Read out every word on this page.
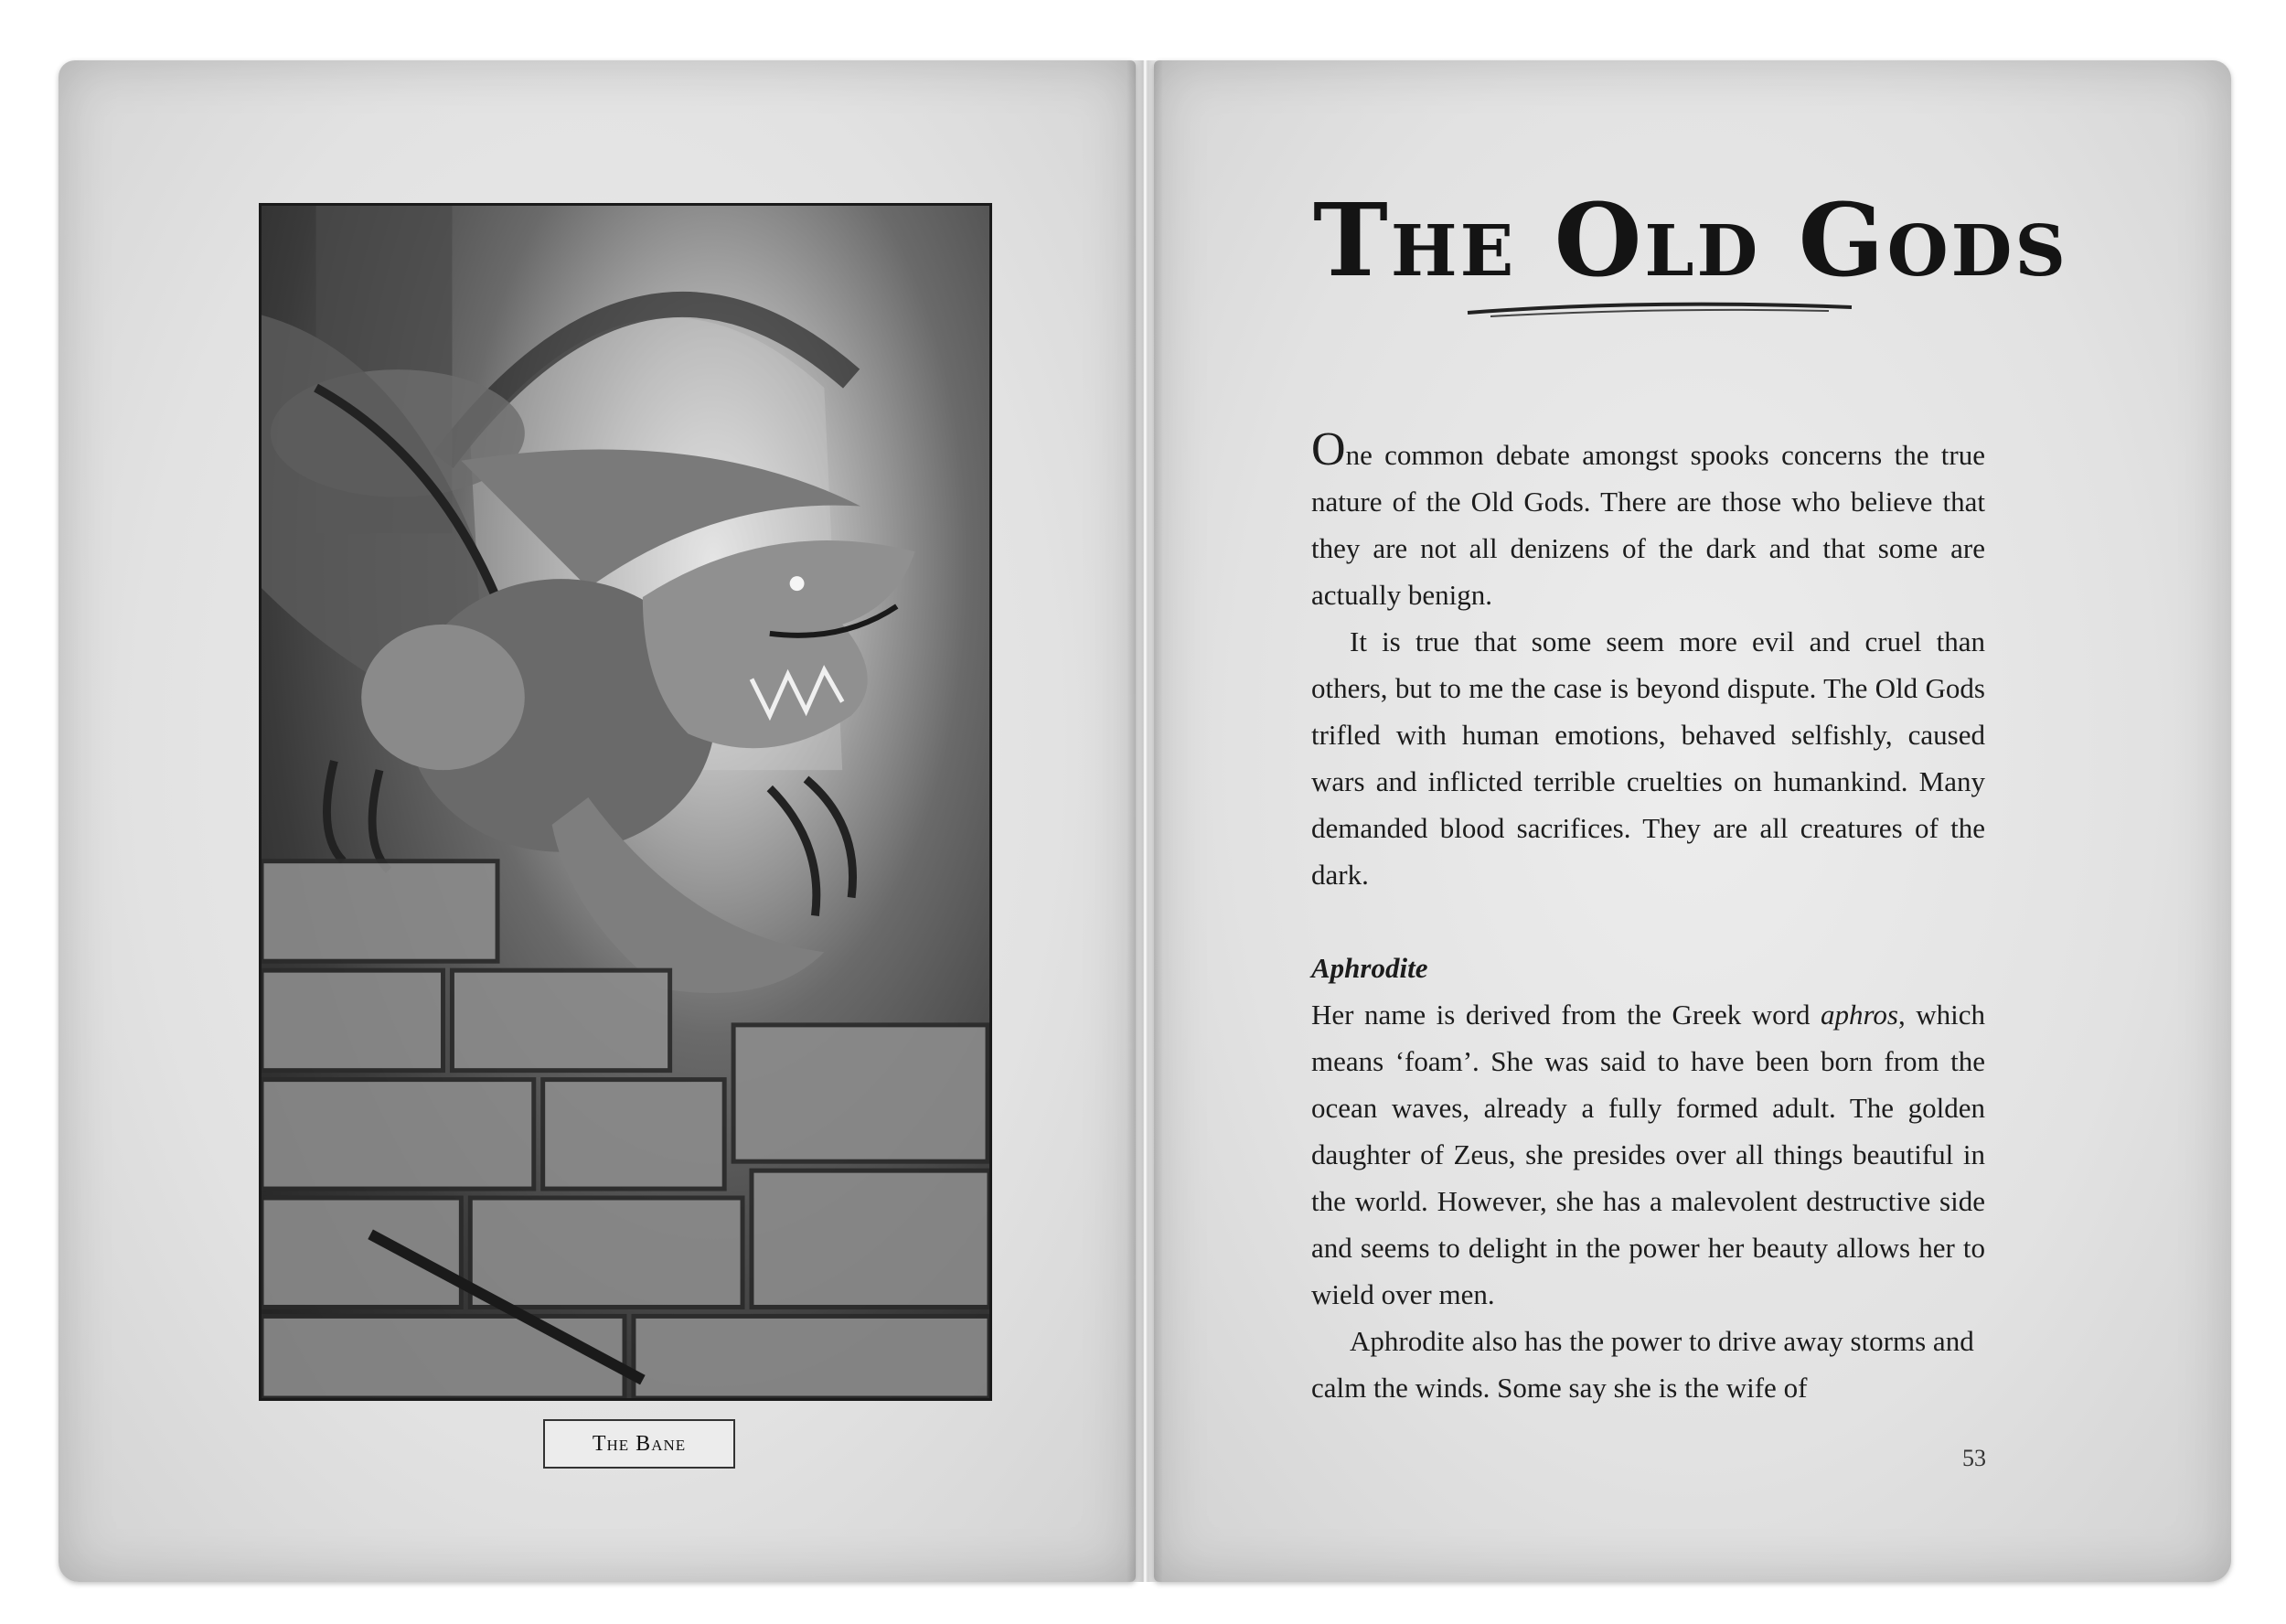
The Bane
The Old Gods

One common debate amongst spooks concerns the true nature of the Old Gods. There are those who believe that they are not all denizens of the dark and that some are actually benign.

It is true that some seem more evil and cruel than others, but to me the case is beyond dispute. The Old Gods trifled with human emotions, behaved selfishly, caused wars and inflicted terrible cruelties on humankind. Many demanded blood sacrifices. They are all creatures of the dark.

Aphrodite

Her name is derived from the Greek word aphros, which means ‘foam’. She was said to have been born from the ocean waves, already a fully formed adult. The golden daughter of Zeus, she presides over all things beautiful in the world. However, she has a malevolent destructive side and seems to delight in the power her beauty allows her to wield over men.

Aphrodite also has the power to drive away storms and calm the winds. Some say she is the wife of

53
